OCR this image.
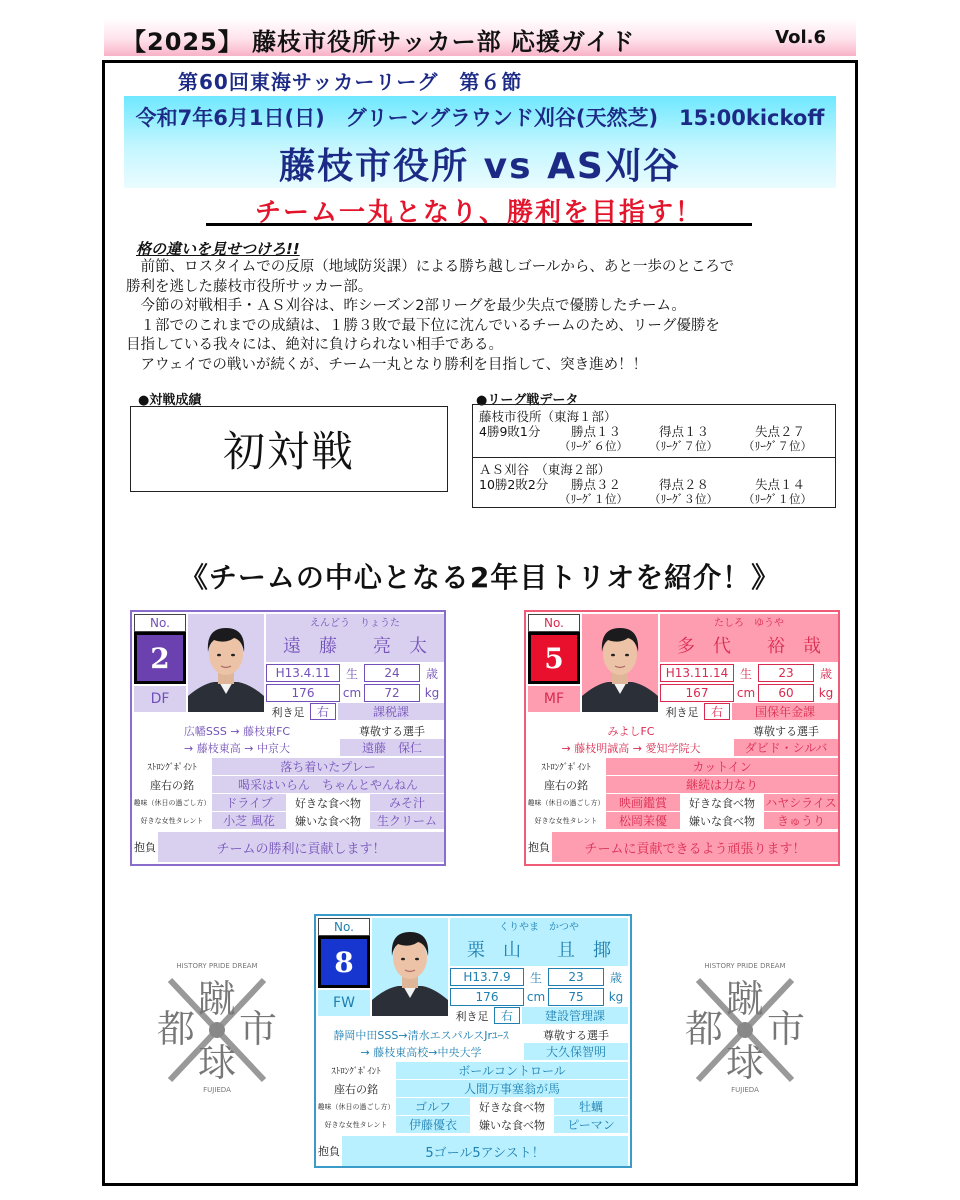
【2025】 藤枝市役所サッカー部 応援ガイド	Vol.6
第60回東海サッカーリーグ　第６節
令和7年6月1日(日)　グリーングラウンド刈谷(天然芝)　15:00kickoff
藤枝市役所 vs AS刈谷
チーム一丸となり、勝利を目指す！
格の違いを見せつけろ!!

　前節、ロスタイムでの反原（地域防災課）による勝ち越しゴールから、あと一歩のところで

勝利を逃した藤枝市役所サッカー部。

　今節の対戦相手・ＡＳ刈谷は、昨シーズン2部リーグを最少失点で優勝したチーム。

　１部でのこれまでの成績は、１勝３敗で最下位に沈んでいるチームのため、リーグ優勝を

目指している我々には、絶対に負けられない相手である。

　アウェイでの戦いが続くが、チーム一丸となり勝利を目指して、突き進め！！

●対戦成績
初対戦
●リーグ戦データ
藤枝市役所（東海１部）
4勝9敗1分 勝点１３	得点１３	失点２７
（ﾘｰｸﾞ６位） （ﾘｰｸﾞ７位） （ﾘｰｸﾞ７位）
ＡＳ刈谷　（東海２部）
10勝2敗2分 勝点３２	得点２８	失点１４
（ﾘｰｸﾞ１位） （ﾘｰｸﾞ３位） （ﾘｰｸﾞ１位）
《チームの中心となる2年目トリオを紹介！》
No.
2
DF
えんどう　りょうた
遠　藤　　亮　太
H13.4.11	生	24	歳
176	cm	72	kg
利き足	右	課税課
広幡SSS → 藤枝東FC
→ 藤枝東高 → 中京大
尊敬する選手
遠藤　保仁
ｽﾄﾛﾝｸﾞﾎﾟｲﾝﾄ	落ち着いたプレー
座右の銘	喝采はいらん　ちゃんとやんねん
趣味（休日の過ごし方）	ドライブ	好きな食べ物	みそ汁
好きな女性タレント	小芝 風花	嫌いな食べ物	生クリーム
抱負	チームの勝利に貢献します！
No.
5
MF
たしろ　ゆうや
多　代　　裕　哉
H13.11.14 生	23	歳
167	cm	60	kg
利き足	右	国保年金課
みよしFC
→ 藤枝明誠高 → 愛知学院大
尊敬する選手
ダビド・シルバ
ｽﾄﾛﾝｸﾞﾎﾟｲﾝﾄ	カットイン
座右の銘	継続は力なり
趣味（休日の過ごし方）	映画鑑賞	好きな食べ物 ハヤシライス
好きな女性タレント	松岡茉優	嫌いな食べ物	きゅうり
抱負	チームに貢献できるよう頑張ります！
No.
8
FW
くりやま　かつや
栗　山　　且　揶
H13.7.9	生	23	歳
176	cm	75	kg
利き足	右	建設管理課
静岡中田SSS→清水エスパルスJrﾕｰｽ
→ 藤枝東高校→中央大学
尊敬する選手
大久保智明
ｽﾄﾛﾝｸﾞﾎﾟｲﾝﾄ	ボールコントロール
座右の銘	人間万事塞翁が馬
趣味（休日の過ごし方）	ゴルフ	好きな食べ物	牡蠣
好きな女性タレント	伊藤優衣	嫌いな食べ物	ピーマン
抱負	5ゴール5アシスト！
HISTORY PRIDE DREAM
蹴
都 市
球
FUJIEDA
HISTORY PRIDE DREAM
蹴
都 市
球
FUJIEDA
